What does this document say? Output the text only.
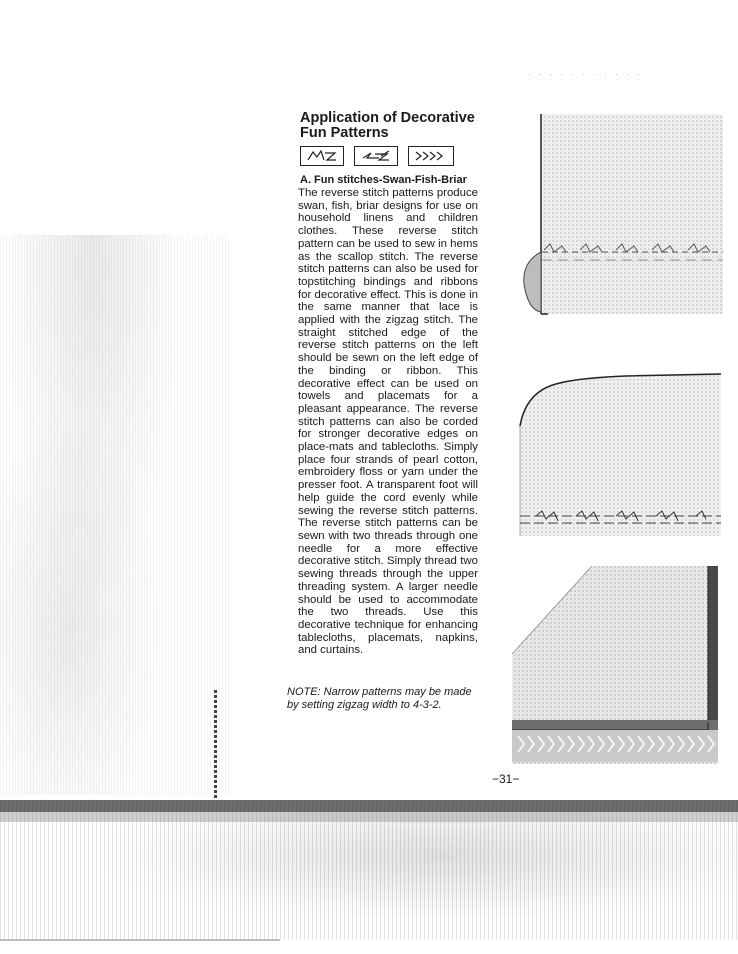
· · · · · · · · · · ·
Application of Decorative
Fun Patterns
A. Fun stitches-Swan-Fish-Briar
The reverse stitch patterns produce swan, fish, briar designs for use on household linens and children clothes. These reverse stitch pattern can be used to sew in hems as the scallop stitch. The reverse stitch patterns can also be used for topstitching bindings and ribbons for decorative effect. This is done in the same manner that lace is applied with the zigzag stitch. The straight stitched edge of the reverse stitch patterns on the left should be sewn on the left edge of the binding or ribbon. This decorative effect can be used on towels and placemats for a pleasant appearance. The reverse stitch patterns can also be corded for stronger decorative edges on place-mats and tablecloths. Simply place four strands of pearl cotton, embroidery floss or yarn under the presser foot. A transparent foot will help guide the cord evenly while sewing the reverse stitch patterns. The reverse stitch patterns can be sewn with two threads through one needle for a more effective decorative stitch. Simply thread two sewing threads through the upper threading system. A larger needle should be used to accommodate the two threads. Use this decorative technique for enhancing tablecloths, placemats, napkins, and curtains.
NOTE: Narrow patterns may be made by setting zigzag width to 4-3-2.
−31−
